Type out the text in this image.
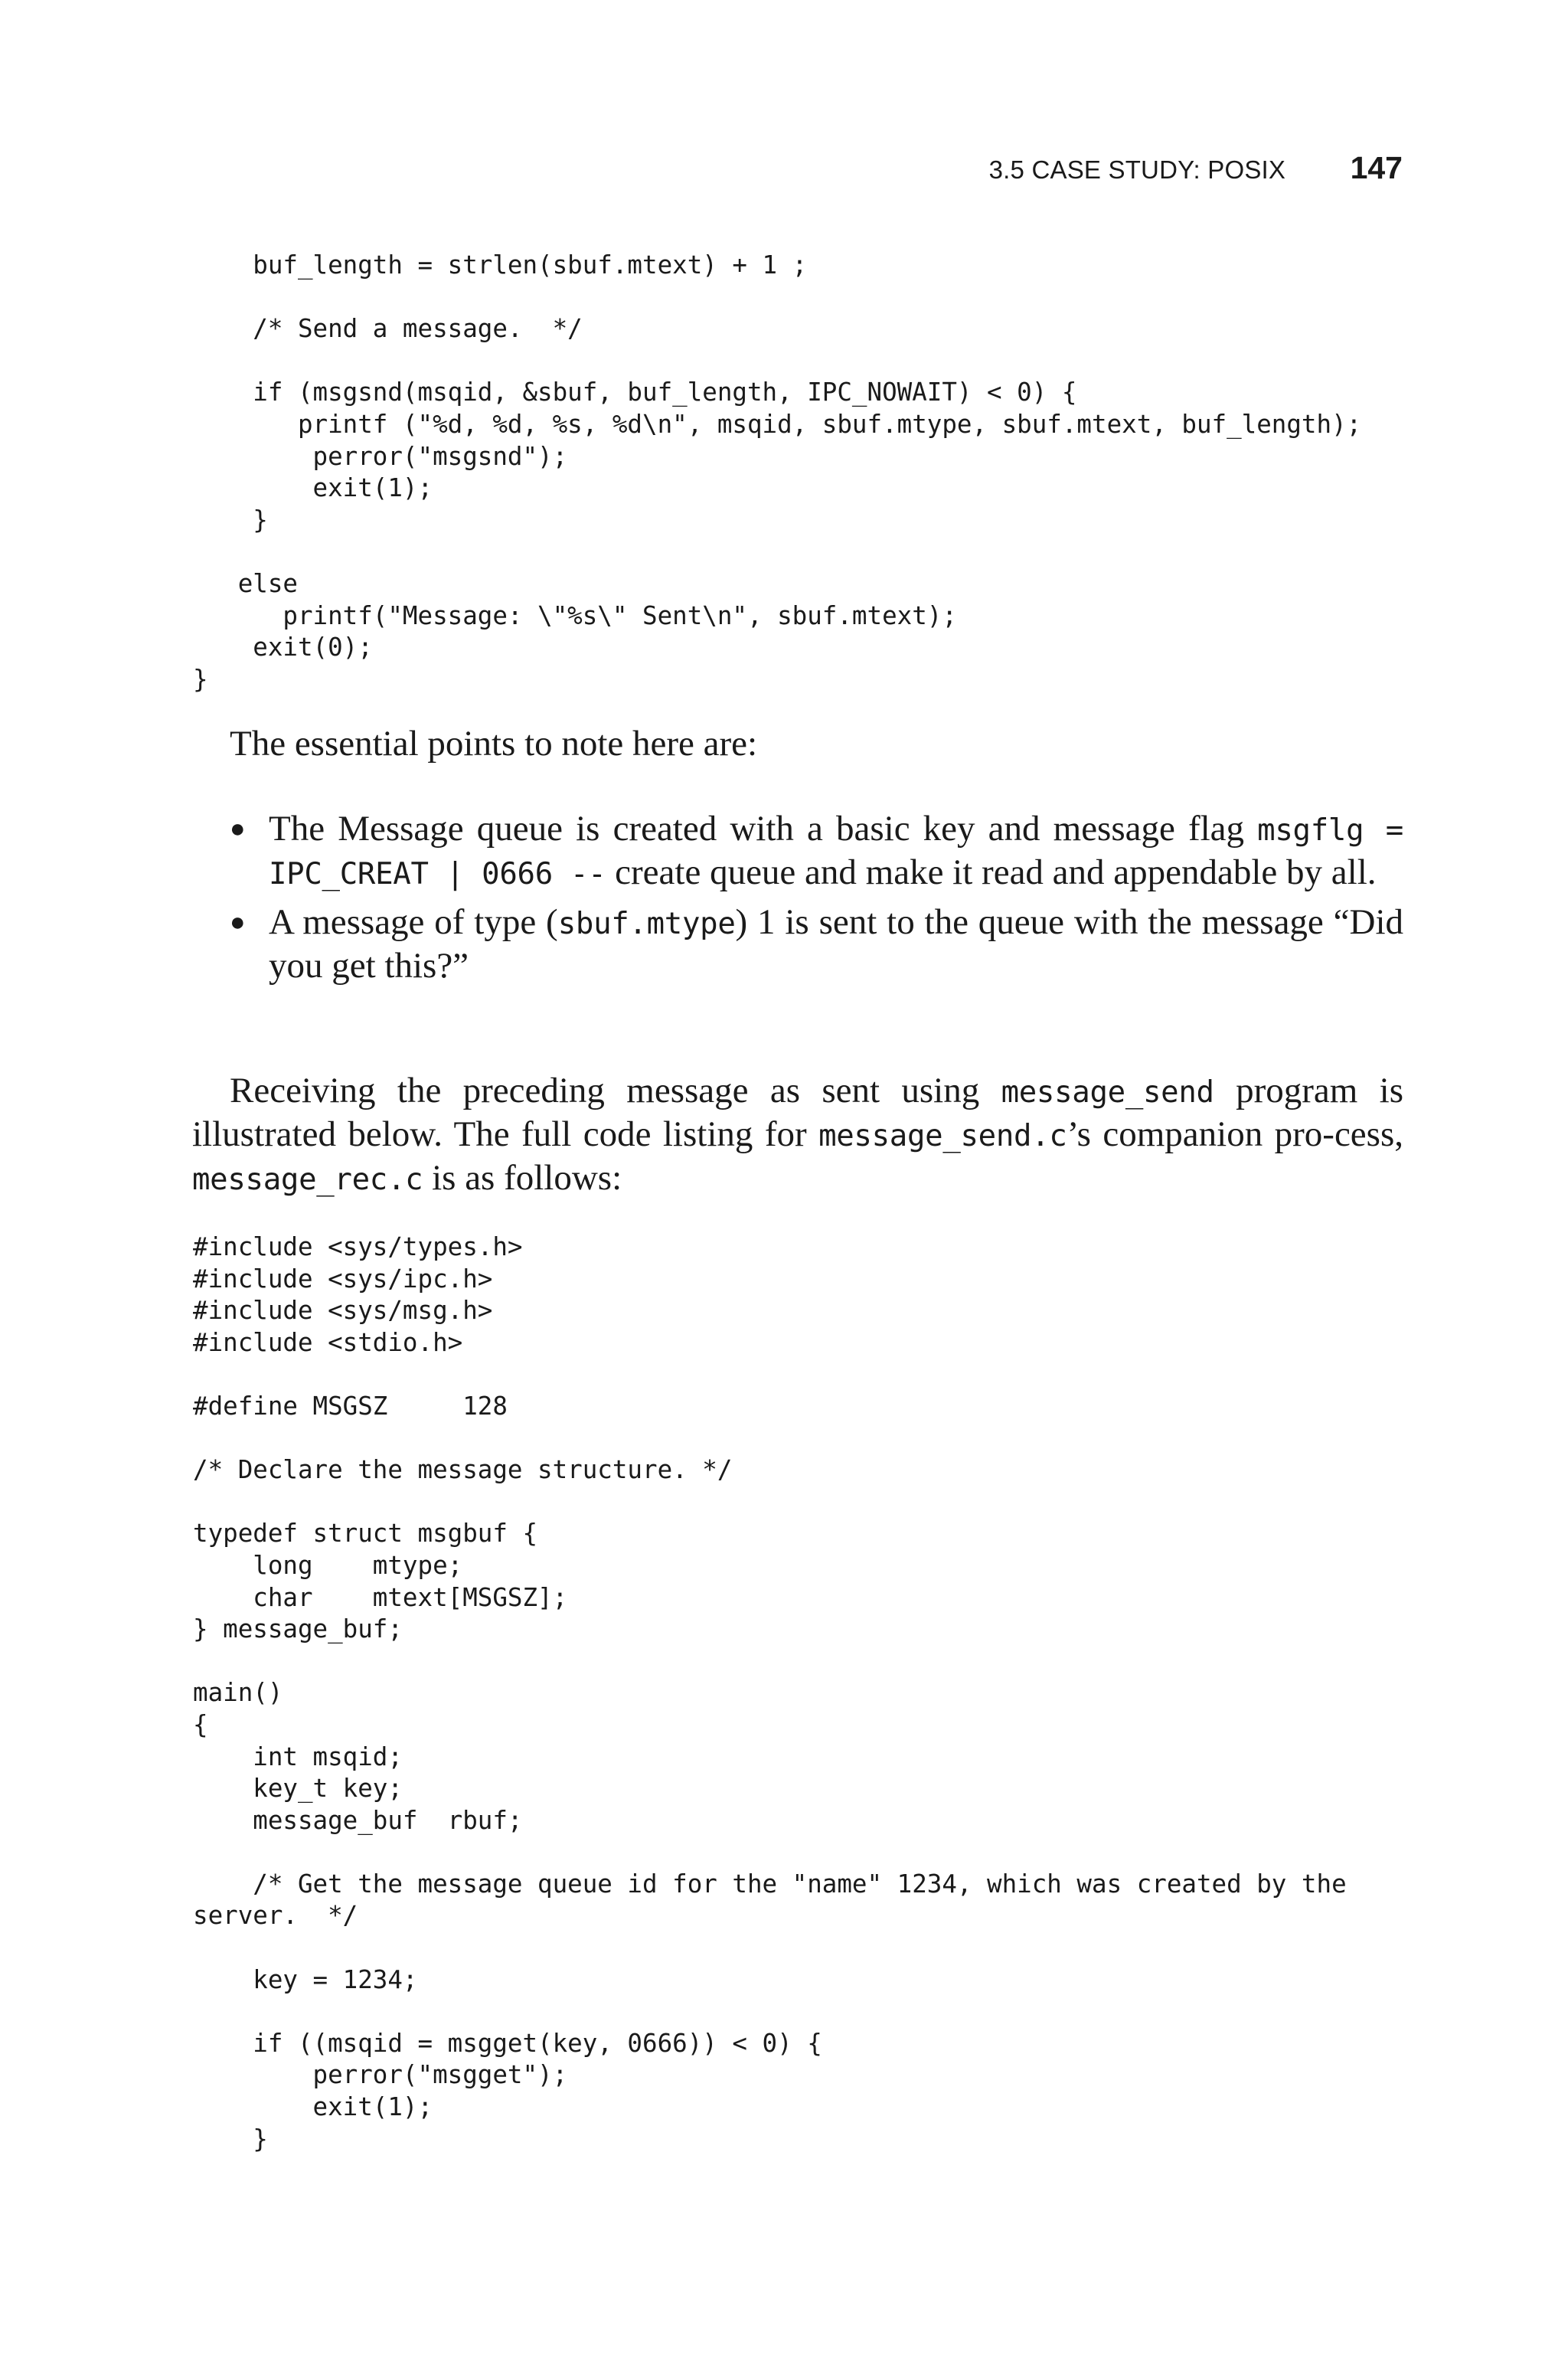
3.5 CASE STUDY: POSIX 147
buf_length = strlen(sbuf.mtext) + 1 ;

/* Send a message.  */

if (msgsnd(msqid, &sbuf, buf_length, IPC_NOWAIT) < 0) {
printf ("%d, %d, %s, %d\n", msqid, sbuf.mtype, sbuf.mtext, buf_length);
perror("msgsnd");
exit(1);
}

else
printf("Message: \"%s\" Sent\n", sbuf.mtext);
exit(0);
}

The essential points to note here are:

● The Message queue is created with a basic key and message flag msgflg = IPC_CREAT | 0666 -- create queue and make it read and appendable by all.
● A message of type (sbuf.mtype) 1 is sent to the queue with the message “Did you get this?”

Receiving the preceding message as sent using message_send program is illustrated below. The full code listing for message_send.c’s companion pro-cess, message_rec.c is as follows:

#include <sys/types.h>
#include <sys/ipc.h>
#include <sys/msg.h>
#include <stdio.h>

#define MSGSZ     128

/* Declare the message structure. */

typedef struct msgbuf {
long    mtype;
char    mtext[MSGSZ];
} message_buf;

main()
{
int msqid;
key_t key;
message_buf  rbuf;

/* Get the message queue id for the "name" 1234, which was created by the
server.  */

key = 1234;

if ((msqid = msgget(key, 0666)) < 0) {
perror("msgget");
exit(1);
}
